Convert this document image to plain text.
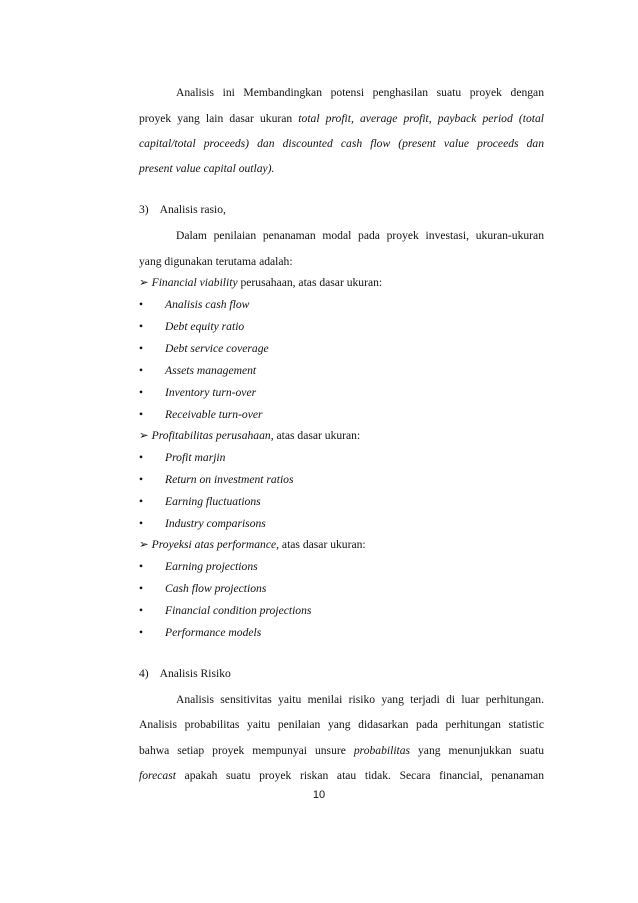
Analisis ini Membandingkan potensi penghasilan suatu proyek dengan
proyek yang lain dasar ukuran total profit, average profit, payback period (total
capital/total proceeds) dan discounted cash flow (present value proceeds dan
present value capital outlay).
3)    Analisis rasio,
Dalam penilaian penanaman modal pada proyek investasi, ukuran-ukuran
yang digunakan terutama adalah:
➢ Financial viability perusahaan, atas dasar ukuran:
• Analisis cash flow
• Debt equity ratio
• Debt service coverage
• Assets management
• Inventory turn-over
• Receivable turn-over
➢ Profitabilitas perusahaan, atas dasar ukuran:
• Profit marjin
• Return on investment ratios
• Earning fluctuations
• Industry comparisons
➢ Proyeksi atas performance, atas dasar ukuran:
• Earning projections
• Cash flow projections
• Financial condition projections
• Performance models
4)    Analisis Risiko
Analisis sensitivitas yaitu menilai risiko yang terjadi di luar perhitungan.
Analisis probabilitas yaitu penilaian yang didasarkan pada perhitungan statistic
bahwa setiap proyek mempunyai unsure probabilitas yang menunjukkan suatu
forecast apakah suatu proyek riskan atau tidak. Secara financial, penanaman
10
